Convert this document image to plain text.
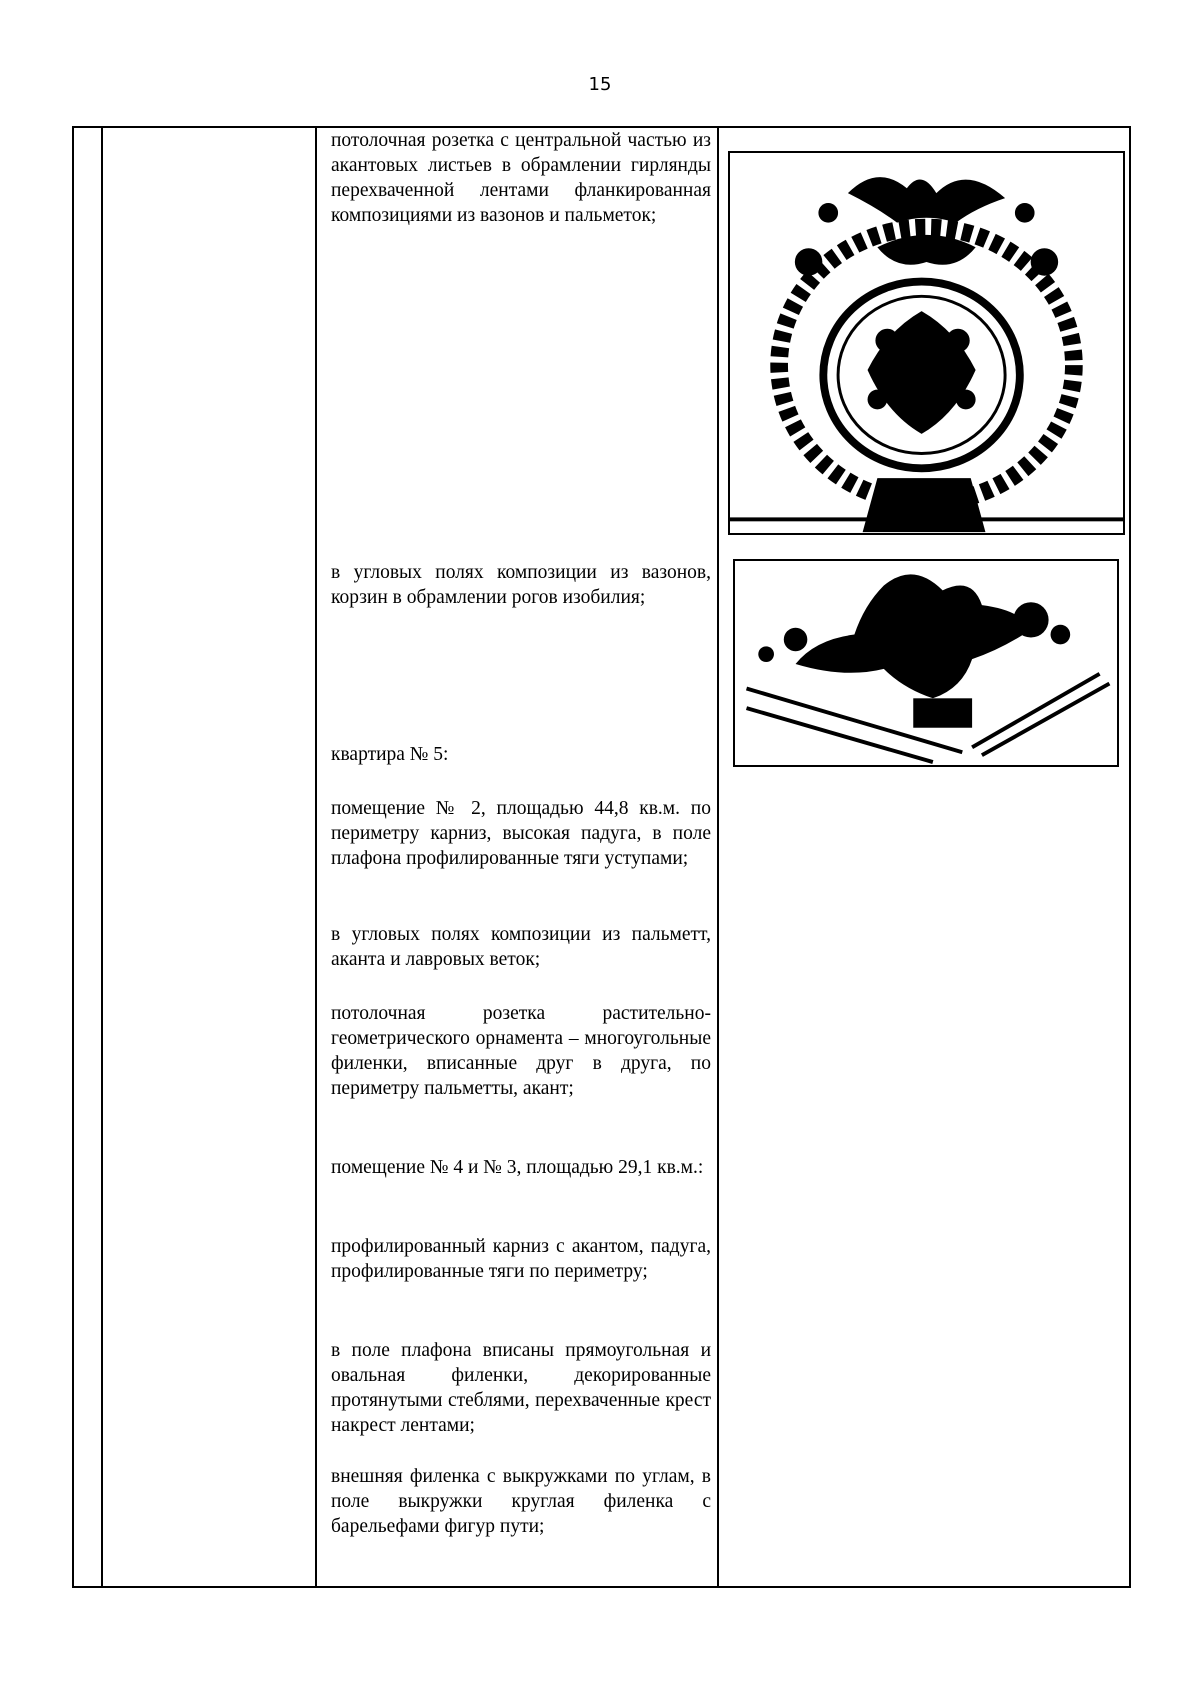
15

потолочная розетка с центральной частью из акантовых листьев в обрамлении гирлянды перехваченной лентами фланкированная композициями из вазонов и пальметок;

в угловых полях композиции из вазонов, корзин в обрамлении рогов изобилия;

квартира № 5:

помещение № 2, площадью 44,8 кв.м. по периметру карниз, высокая падуга, в поле плафона профилированные тяги уступами;

в угловых полях композиции из пальметт, аканта и лавровых веток;

потолочная розетка растительно-геометрического орнамента – многоугольные филенки, вписанные друг в друга, по периметру пальметты, акант;

помещение № 4 и № 3, площадью 29,1 кв.м.:

профилированный карниз с акантом, падуга, профилированные тяги по периметру;

в поле плафона вписаны прямоугольная и овальная филенки, декорированные протянутыми стеблями, перехваченные крест накрест лентами;

внешняя филенка с выкружками по углам, в поле выкружки круглая филенка с барельефами фигур пути;
